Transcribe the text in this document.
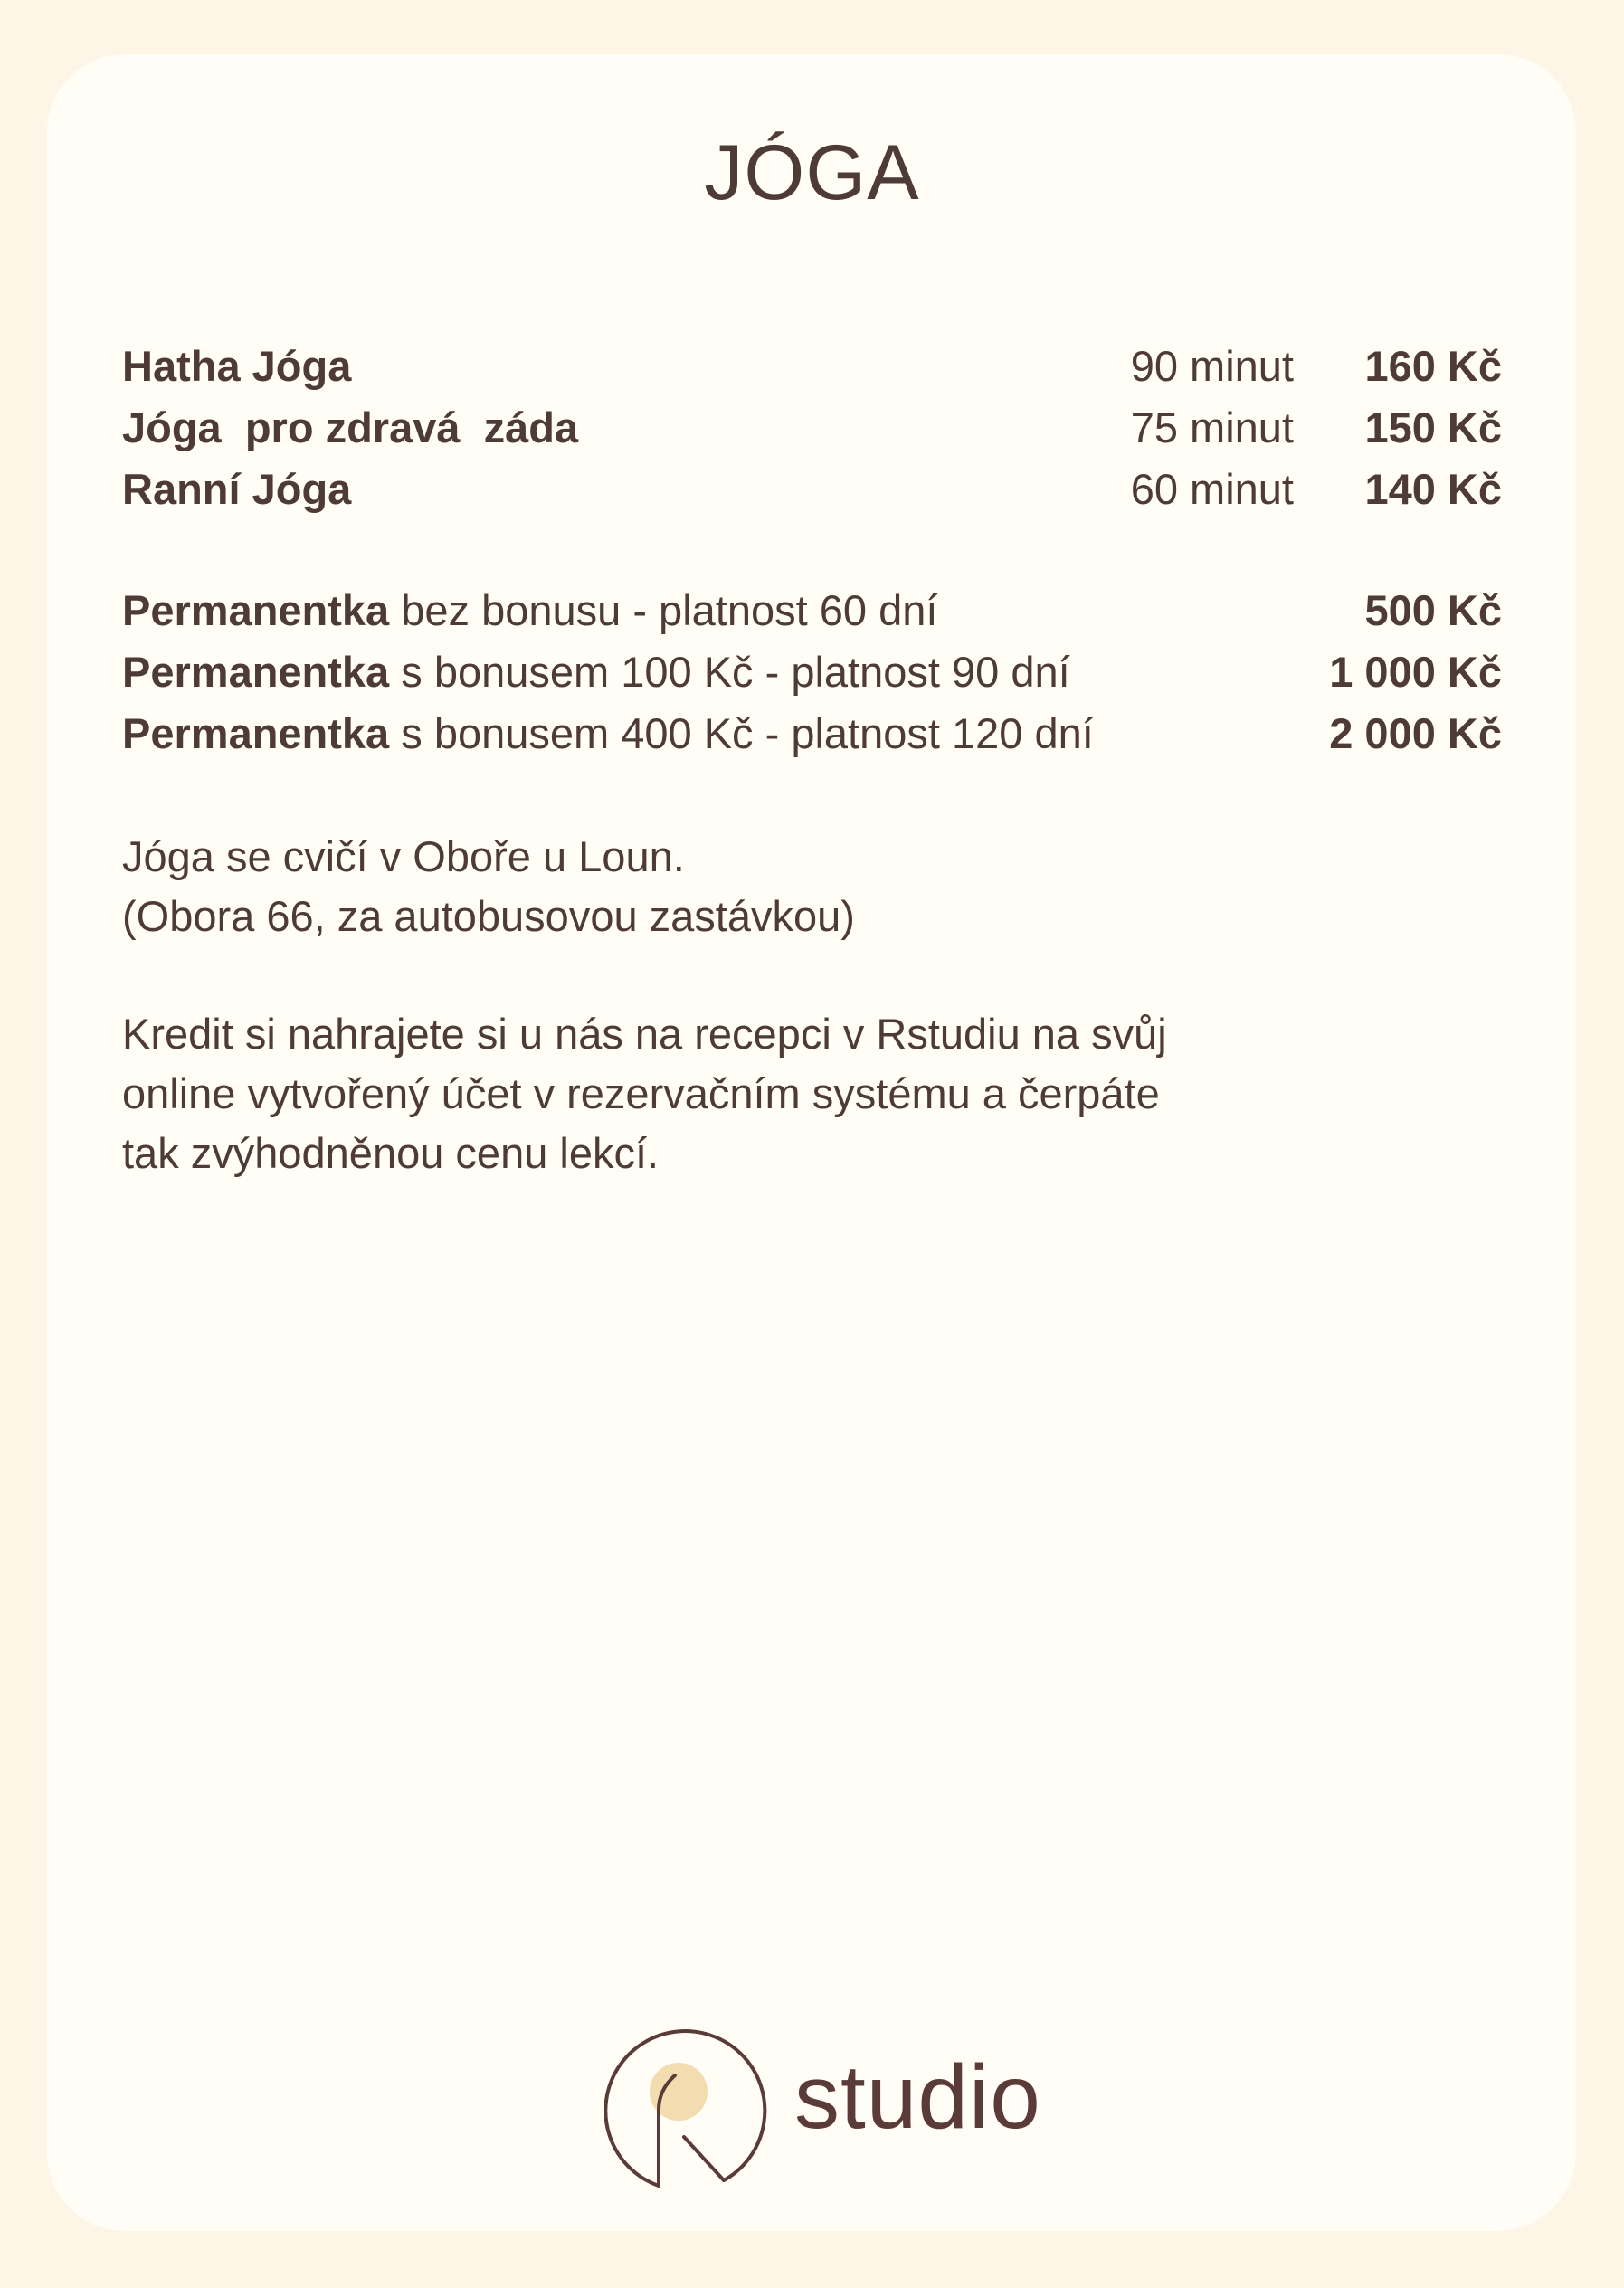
JÓGA
Hatha Jóga	90 minut 160 Kč
Jóga  pro zdravá  záda	75 minut 150 Kč
Ranní Jóga	60 minut 140 Kč
Permanentka bez bonusu - platnost 60 dní	500 Kč
Permanentka s bonusem 100 Kč - platnost 90 dní	1 000 Kč
Permanentka s bonusem 400 Kč - platnost 120 dní	2 000 Kč

Jóga se cvičí v Oboře u Loun.
(Obora 66, za autobusovou zastávkou)

Kredit si nahrajete si u nás na recepci v Rstudiu na svůj
online vytvořený účet v rezervačním systému a čerpáte
tak zvýhodněnou cenu lekcí.

studio
